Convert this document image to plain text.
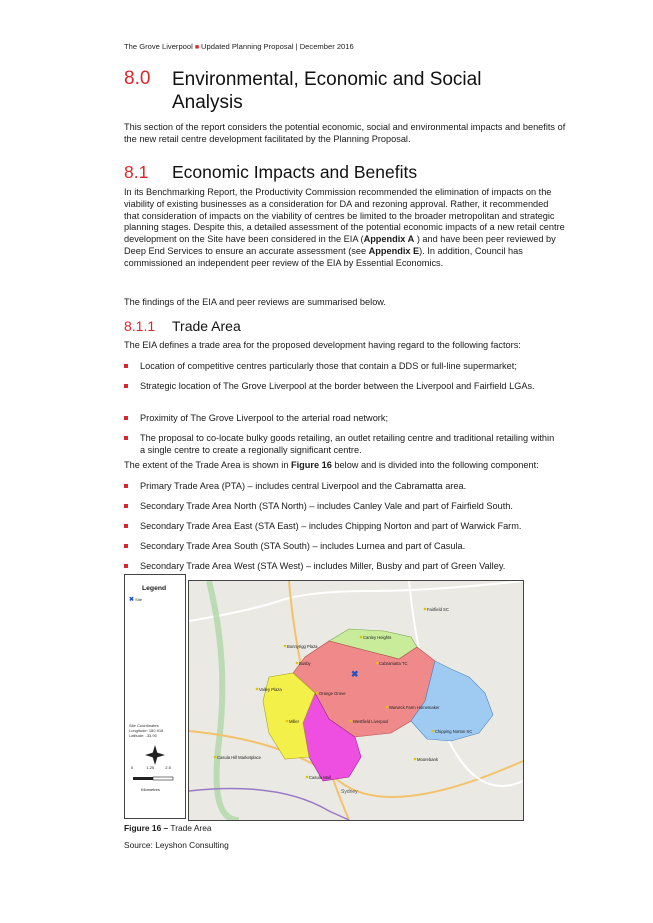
The Grove Liverpool ■ Updated Planning Proposal | December 2016
8.0 Environmental, Economic and Social Analysis
This section of the report considers the potential economic, social and environmental impacts and benefits of the new retail centre development facilitated by the Planning Proposal.
8.1 Economic Impacts and Benefits
In its Benchmarking Report, the Productivity Commission recommended the elimination of impacts on the viability of existing businesses as a consideration for DA and rezoning approval. Rather, it recommended that consideration of impacts on the viability of centres be limited to the broader metropolitan and strategic planning stages. Despite this, a detailed assessment of the potential economic impacts of a new retail centre development on the Site have been considered in the EIA (Appendix A ) and have been peer reviewed by Deep End Services to ensure an accurate assessment (see Appendix E). In addition, Council has commissioned an independent peer review of the EIA by Essential Economics.
The findings of the EIA and peer reviews are summarised below.
8.1.1 Trade Area
The EIA defines a trade area for the proposed development having regard to the following factors:
Location of competitive centres particularly those that contain a DDS or full-line supermarket;
Strategic location of The Grove Liverpool at the border between the Liverpool and Fairfield LGAs.
Proximity of The Grove Liverpool to the arterial road network;
The proposal to co-locate bulky goods retailing, an outlet retailing centre and traditional retailing within a single centre to create a regionally significant centre.
The extent of the Trade Area is shown in Figure 16 below and is divided into the following component:
Primary Trade Area (PTA) – includes central Liverpool and the Cabramatta area.
Secondary Trade Area North (STA North) – includes Canley Vale and part of Fairfield South.
Secondary Trade Area East (STA East) – includes Chipping Norton and part of Warwick Farm.
Secondary Trade Area South (STA South) – includes Lurnea and part of Casula.
Secondary Trade Area West (STA West) – includes Miller, Busby and part of Green Valley.
Legend
✖ Site
Site Coordinates
Longitude: 150.918
Latitude: -33.90
0	1.25	2.5
Kilometres
✖
Fairfield SC
Canley Heights
Bonnyrigg Plaza
Cabramatta TC
Busby
Valley Plaza
Orange Grove
Warwick Farm Homemaker
Miller	Westfield Liverpool
Chipping Norton SC
Casula Hill Marketplace	Moorebank
Casula Mall
Sydney
Figure 16 – Trade Area
Source: Leyshon Consulting
